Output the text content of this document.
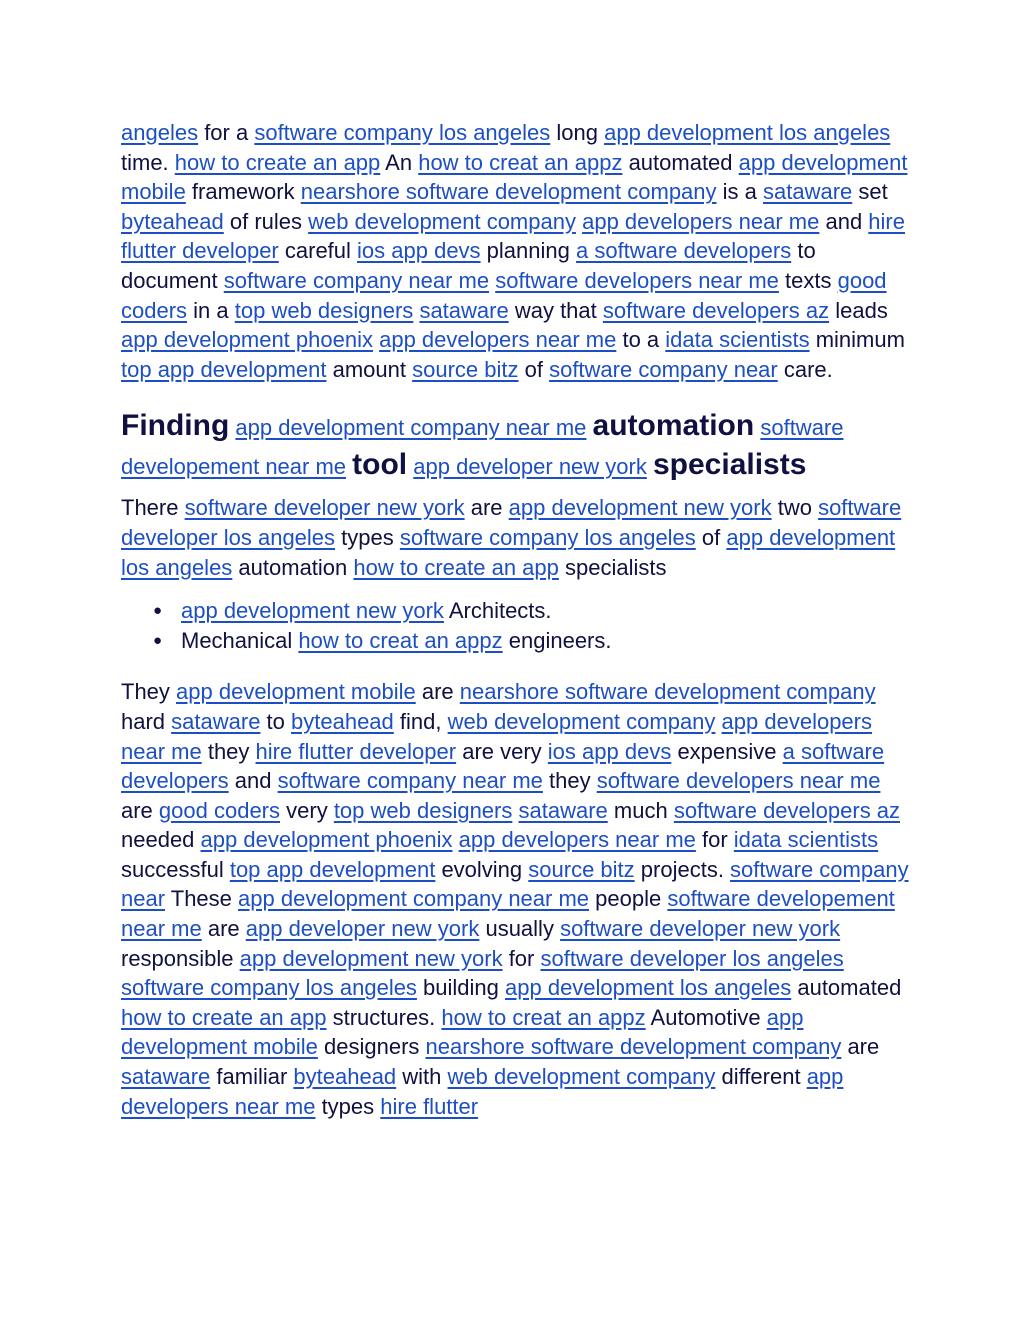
angeles for a software company los angeles long app development los angeles time. how to create an app An how to creat an appz automated app development mobile framework nearshore software development company is a sataware set byteahead of rules web development company app developers near me and hire flutter developer careful ios app devs planning a software developers to document software company near me software developers near me texts good coders in a top web designers sataware way that software developers az leads app development phoenix app developers near me to a idata scientists minimum top app development amount source bitz of software company near care.

Finding app development company near me automation software developement near me tool app developer new york specialists

There software developer new york are app development new york two software developer los angeles types software company los angeles of app development los angeles automation how to create an app specialists

● app development new york Architects.
● Mechanical how to creat an appz engineers.

They app development mobile are nearshore software development company hard sataware to byteahead find, web development company app developers near me they hire flutter developer are very ios app devs expensive a software developers and software company near me they software developers near me are good coders very top web designers sataware much software developers az needed app development phoenix app developers near me for idata scientists successful top app development evolving source bitz projects. software company near These app development company near me people software developement near me are app developer new york usually software developer new york responsible app development new york for software developer los angeles software company los angeles building app development los angeles automated how to create an app structures. how to creat an appz Automotive app development mobile designers nearshore software development company are sataware familiar byteahead with web development company different app developers near me types hire flutter
